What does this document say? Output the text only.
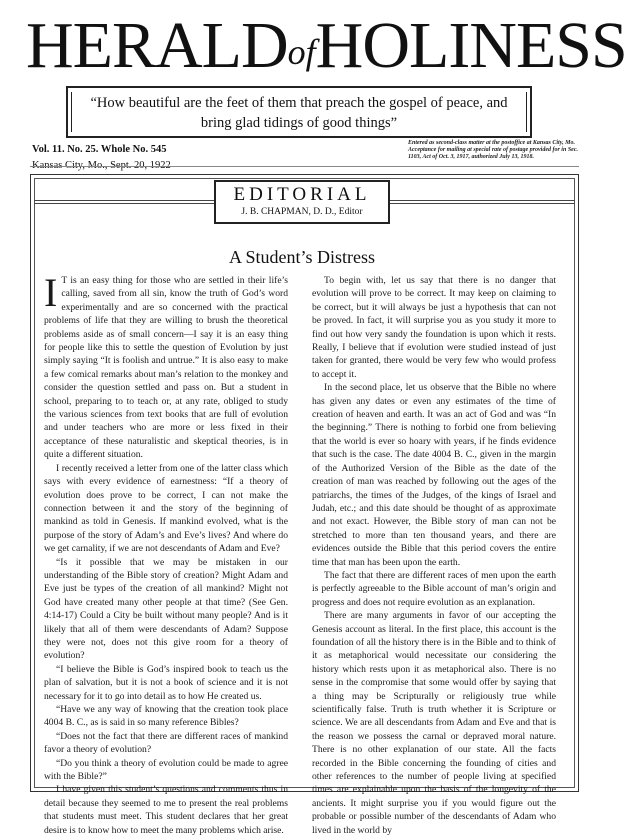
HERALDofHOLINESS
“How beautiful are the feet of them that preach the gospel of peace, and
bring glad tidings of good things”
Vol. 11. No. 25. Whole No. 545
Entered as second-class matter at the postoffice at Kansas City, Mo. Acceptance for mailing at special rate of postage provided for in Sec. 1103, Act of Oct. 3, 1917, authorized July 13, 1918.
EDITORIAL
J. B. CHAPMAN, D. D., Editor
A Student’s Distress

I T is an easy thing for those who are settled in their life’s calling, saved from all sin, know the truth of God’s word experimentally and are so concerned with the practical problems of life that they are willing to brush the theoretical problems aside as of small concern—I say it is an easy thing for people like this to settle the question of Evolution by just simply saying “It is foolish and untrue.” It is also easy to make a few comical remarks about man’s relation to the monkey and consider the question settled and pass on. But a student in school, preparing to to teach or, at any rate, obliged to study the various sciences from text books that are full of evolution and under teachers who are more or less fixed in their acceptance of these naturalistic and skeptical theories, is in quite a different situation.

I recently received a letter from one of the latter class which says with every evidence of earnestness: “If a theory of evolution does prove to be correct, I can not make the connection between it and the story of the beginning of mankind as told in Genesis. If mankind evolved, what is the purpose of the story of Adam’s and Eve’s lives? And where do we get carnality, if we are not descendants of Adam and Eve?

“Is it possible that we may be mistaken in our understanding of the Bible story of creation? Might Adam and Eve just be types of the creation of all mankind? Might not God have created many other people at that time? (See Gen. 4:14-17) Could a City be built without many people? And is it likely that all of them were descendants of Adam? Suppose they were not, does not this give room for a theory of evolution?

“I believe the Bible is God’s inspired book to teach us the plan of salvation, but it is not a book of science and it is not necessary for it to go into detail as to how He created us.

“Have we any way of knowing that the creation took place 4004 B. C., as is said in so many reference Bibles?

“Does not the fact that there are different races of mankind favor a theory of evolution?

“Do you think a theory of evolution could be made to agree with the Bible?”

I have given this student’s questions and comments thus in detail because they seemed to me to present the real problems that students must meet. This student declares that her great desire is to know how to meet the many problems which arise.

To begin with, let us say that there is no danger that evolution will prove to be correct. It may keep on claiming to be correct, but it will always be just a hypothesis that can not be proved. In fact, it will surprise you as you study it more to find out how very sandy the foundation is upon which it rests. Really, I believe that if evolution were studied instead of just taken for granted, there would be very few who would profess to accept it.

In the second place, let us observe that the Bible no where has given any dates or even any estimates of the time of creation of heaven and earth. It was an act of God and was “In the beginning.” There is nothing to forbid one from believing that the world is ever so hoary with years, if he finds evidence that such is the case. The date 4004 B. C., given in the margin of the Authorized Version of the Bible as the date of the creation of man was reached by following out the ages of the patriarchs, the times of the Judges, of the kings of Israel and Judah, etc.; and this date should be thought of as approximate and not exact. However, the Bible story of man can not be stretched to more than ten thousand years, and there are evidences outside the Bible that this period covers the entire time that man has been upon the earth.

The fact that there are different races of men upon the earth is perfectly agreeable to the Bible account of man’s origin and progress and does not require evolution as an explanation.

There are many arguments in favor of our accepting the Genesis account as literal. In the first place, this account is the foundation of all the history there is in the Bible and to think of it as metaphorical would necessitate our considering the history which rests upon it as metaphorical also. There is no sense in the compromise that some would offer by saying that a thing may be Scripturally or religiously true while scientifically false. Truth is truth whether it is Scripture or science. We are all descendants from Adam and Eve and that is the reason we possess the carnal or depraved moral nature. There is no other explanation of our state. All the facts recorded in the Bible concerning the founding of cities and other references to the number of people living at specified times are explainable upon the basis of the longevity of the ancients. It might surprise you if you would figure out the probable or possible number of the descendants of Adam who lived in the world by
